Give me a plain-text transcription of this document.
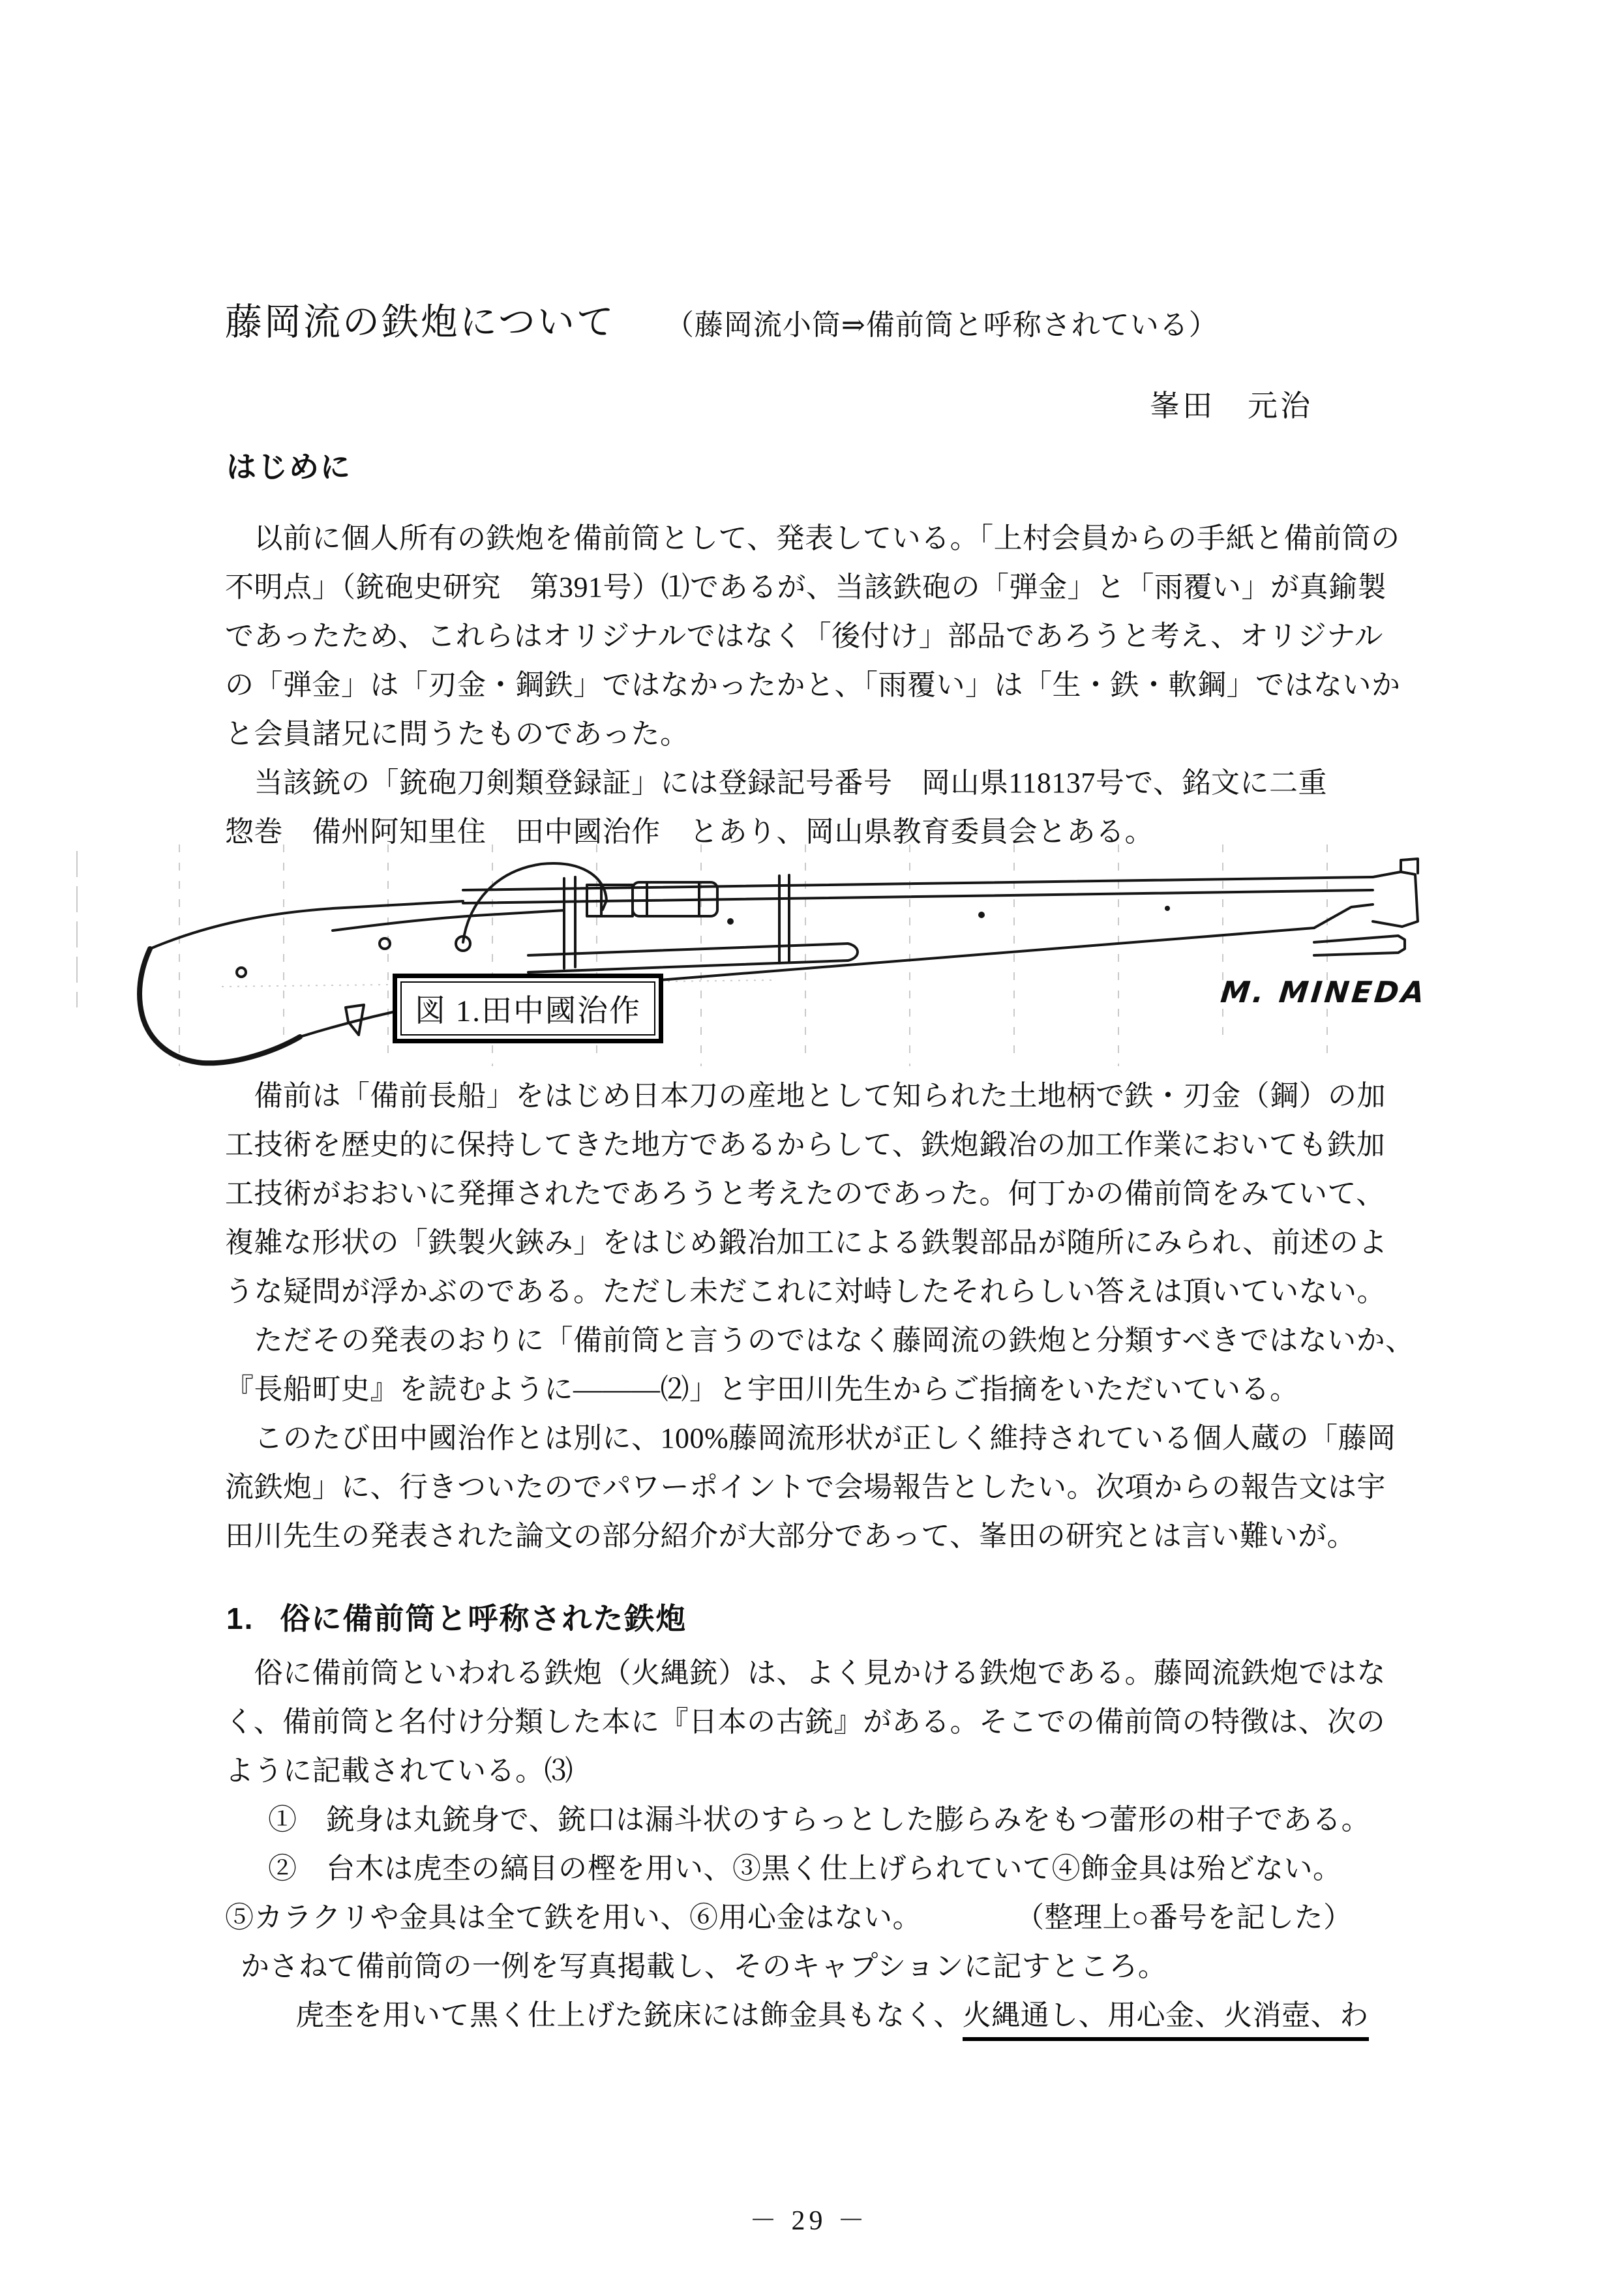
藤岡流の鉄炮について （藤岡流小筒⇒備前筒と呼称されている）
峯田　元治
はじめに
　以前に個人所有の鉄炮を備前筒として、発表している。「上村会員からの手紙と備前筒の
不明点」（銃砲史研究　第391号）⑴であるが、当該鉄砲の「弾金」と「雨覆い」が真鍮製
であったため、これらはオリジナルではなく「後付け」部品であろうと考え、オリジナル
の「弾金」は「刃金・鋼鉄」ではなかったかと、「雨覆い」は「生・鉄・軟鋼」ではないか
と会員諸兄に問うたものであった。
　当該銃の「銃砲刀剣類登録証」には登録記号番号　岡山県118137号で、銘文に二重
惣巻　備州阿知里住　田中國治作　とあり、岡山県教育委員会とある。
図 1.田中國治作
M. MINEDA
　備前は「備前長船」をはじめ日本刀の産地として知られた土地柄で鉄・刃金（鋼）の加
工技術を歴史的に保持してきた地方であるからして、鉄炮鍛冶の加工作業においても鉄加
工技術がおおいに発揮されたであろうと考えたのであった。何丁かの備前筒をみていて、
複雑な形状の「鉄製火鋏み」をはじめ鍛冶加工による鉄製部品が随所にみられ、前述のよ
うな疑問が浮かぶのである。ただし未だこれに対峙したそれらしい答えは頂いていない。
　ただその発表のおりに「備前筒と言うのではなく藤岡流の鉄炮と分類すべきではないか、
『長船町史』を読むように―――⑵」と宇田川先生からご指摘をいただいている。
　このたび田中國治作とは別に、100%藤岡流形状が正しく維持されている個人蔵の「藤岡
流鉄炮」に、行きついたのでパワーポイントで会場報告としたい。次項からの報告文は宇
田川先生の発表された論文の部分紹介が大部分であって、峯田の研究とは言い難いが。
1. 俗に備前筒と呼称された鉄炮
　俗に備前筒といわれる鉄炮（火縄銃）は、よく見かける鉄炮である。藤岡流鉄炮ではな
く、備前筒と名付け分類した本に『日本の古銃』がある。そこでの備前筒の特徴は、次の
ように記載されている。⑶
①　銃身は丸銃身で、銃口は漏斗状のすらっとした膨らみをもつ蕾形の柑子である。
②　台木は虎杢の縞目の樫を用い、③黒く仕上げられていて④飾金具は殆どない。
⑤カラクリや金具は全て鉄を用い、⑥用心金はない。	（整理上○番号を記した）
かさねて備前筒の一例を写真掲載し、そのキャプションに記すところ。
虎杢を用いて黒く仕上げた銃床には飾金具もなく、火縄通し、用心金、火消壺、わ
－ 29 －
